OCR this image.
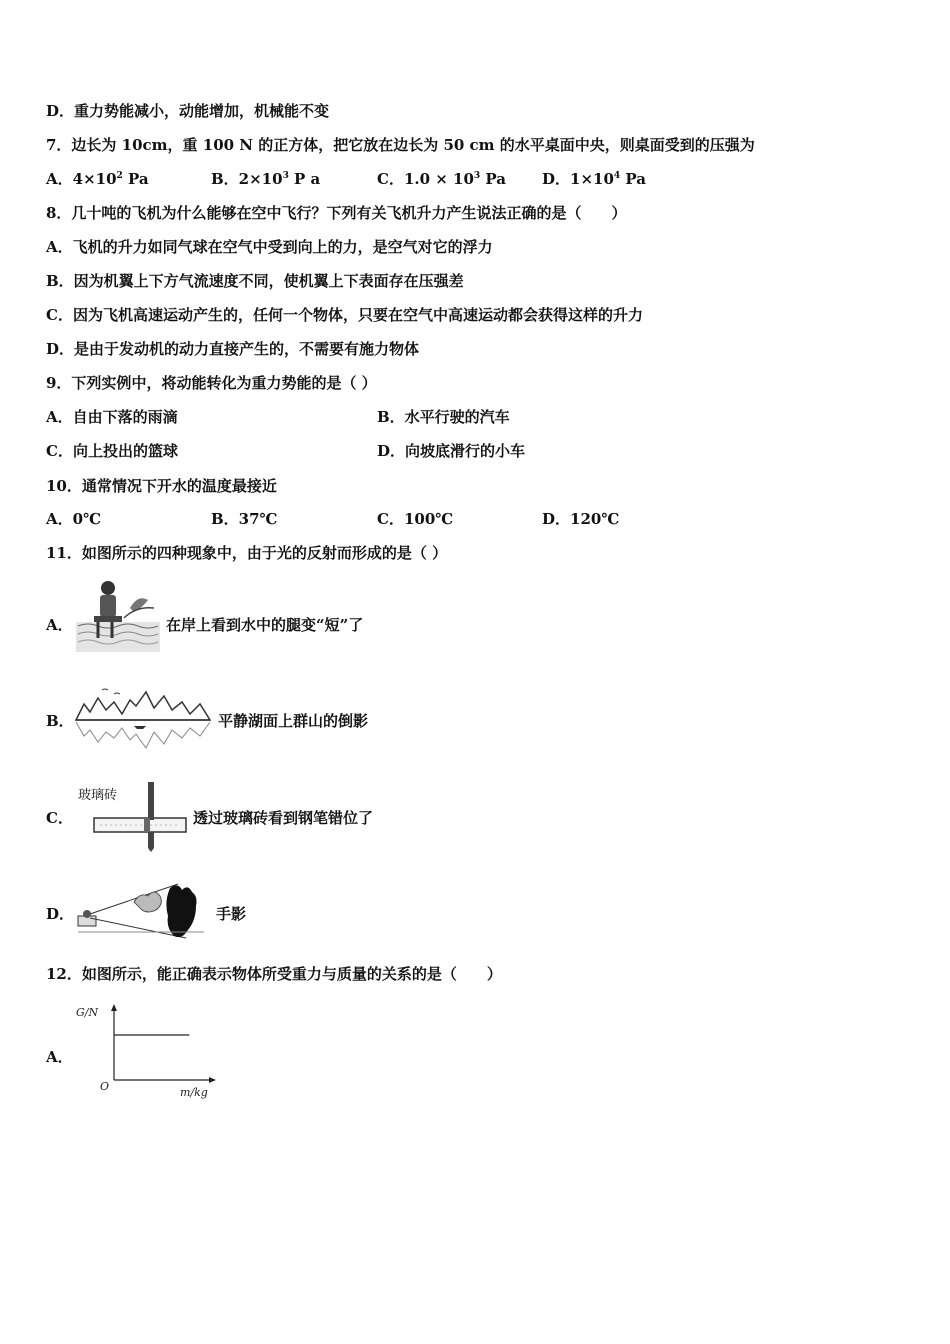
D．重力势能减小，动能增加，机械能不变
7．边长为 10cm，重 100 N 的正方体，把它放在边长为 50 cm 的水平桌面中央，则桌面受到的压强为
A．$4\times 10^2$ Pa	B．$2\times 10^3$ P a	C．$1.0 \times 10^3$ Pa D．$1\times 10^4$ Pa
8．几十吨的飞机为什么能够在空中飞行？下列有关飞机升力产生说法正确的是（　　）
A．飞机的升力如同气球在空气中受到向上的力，是空气对它的浮力
B．因为机翼上下方气流速度不同，使机翼上下表面存在压强差
C．因为飞机高速运动产生的，任何一个物体，只要在空气中高速运动都会获得这样的升力
D．是由于发动机的动力直接产生的，不需要有施力物体
9．下列实例中，将动能转化为重力势能的是（ ）
A．自由下落的雨滴	B．水平行驶的汽车
C．向上投出的篮球	D．向坡底滑行的小车
10．通常情况下开水的温度最接近
A．0℃	B．37℃	C．100℃	D．120℃
11．如图所示的四种现象中，由于光的反射而形成的是（ ）
A．	在岸上看到水中的腿变“短”了
B．	平静湖面上群山的倒影
C．
玻璃砖
透过玻璃砖看到钢笔错位了
D．	手影
12．如图所示，能正确表示物体所受重力与质量的关系的是（　　）
A．
G/N
O	m/kg
